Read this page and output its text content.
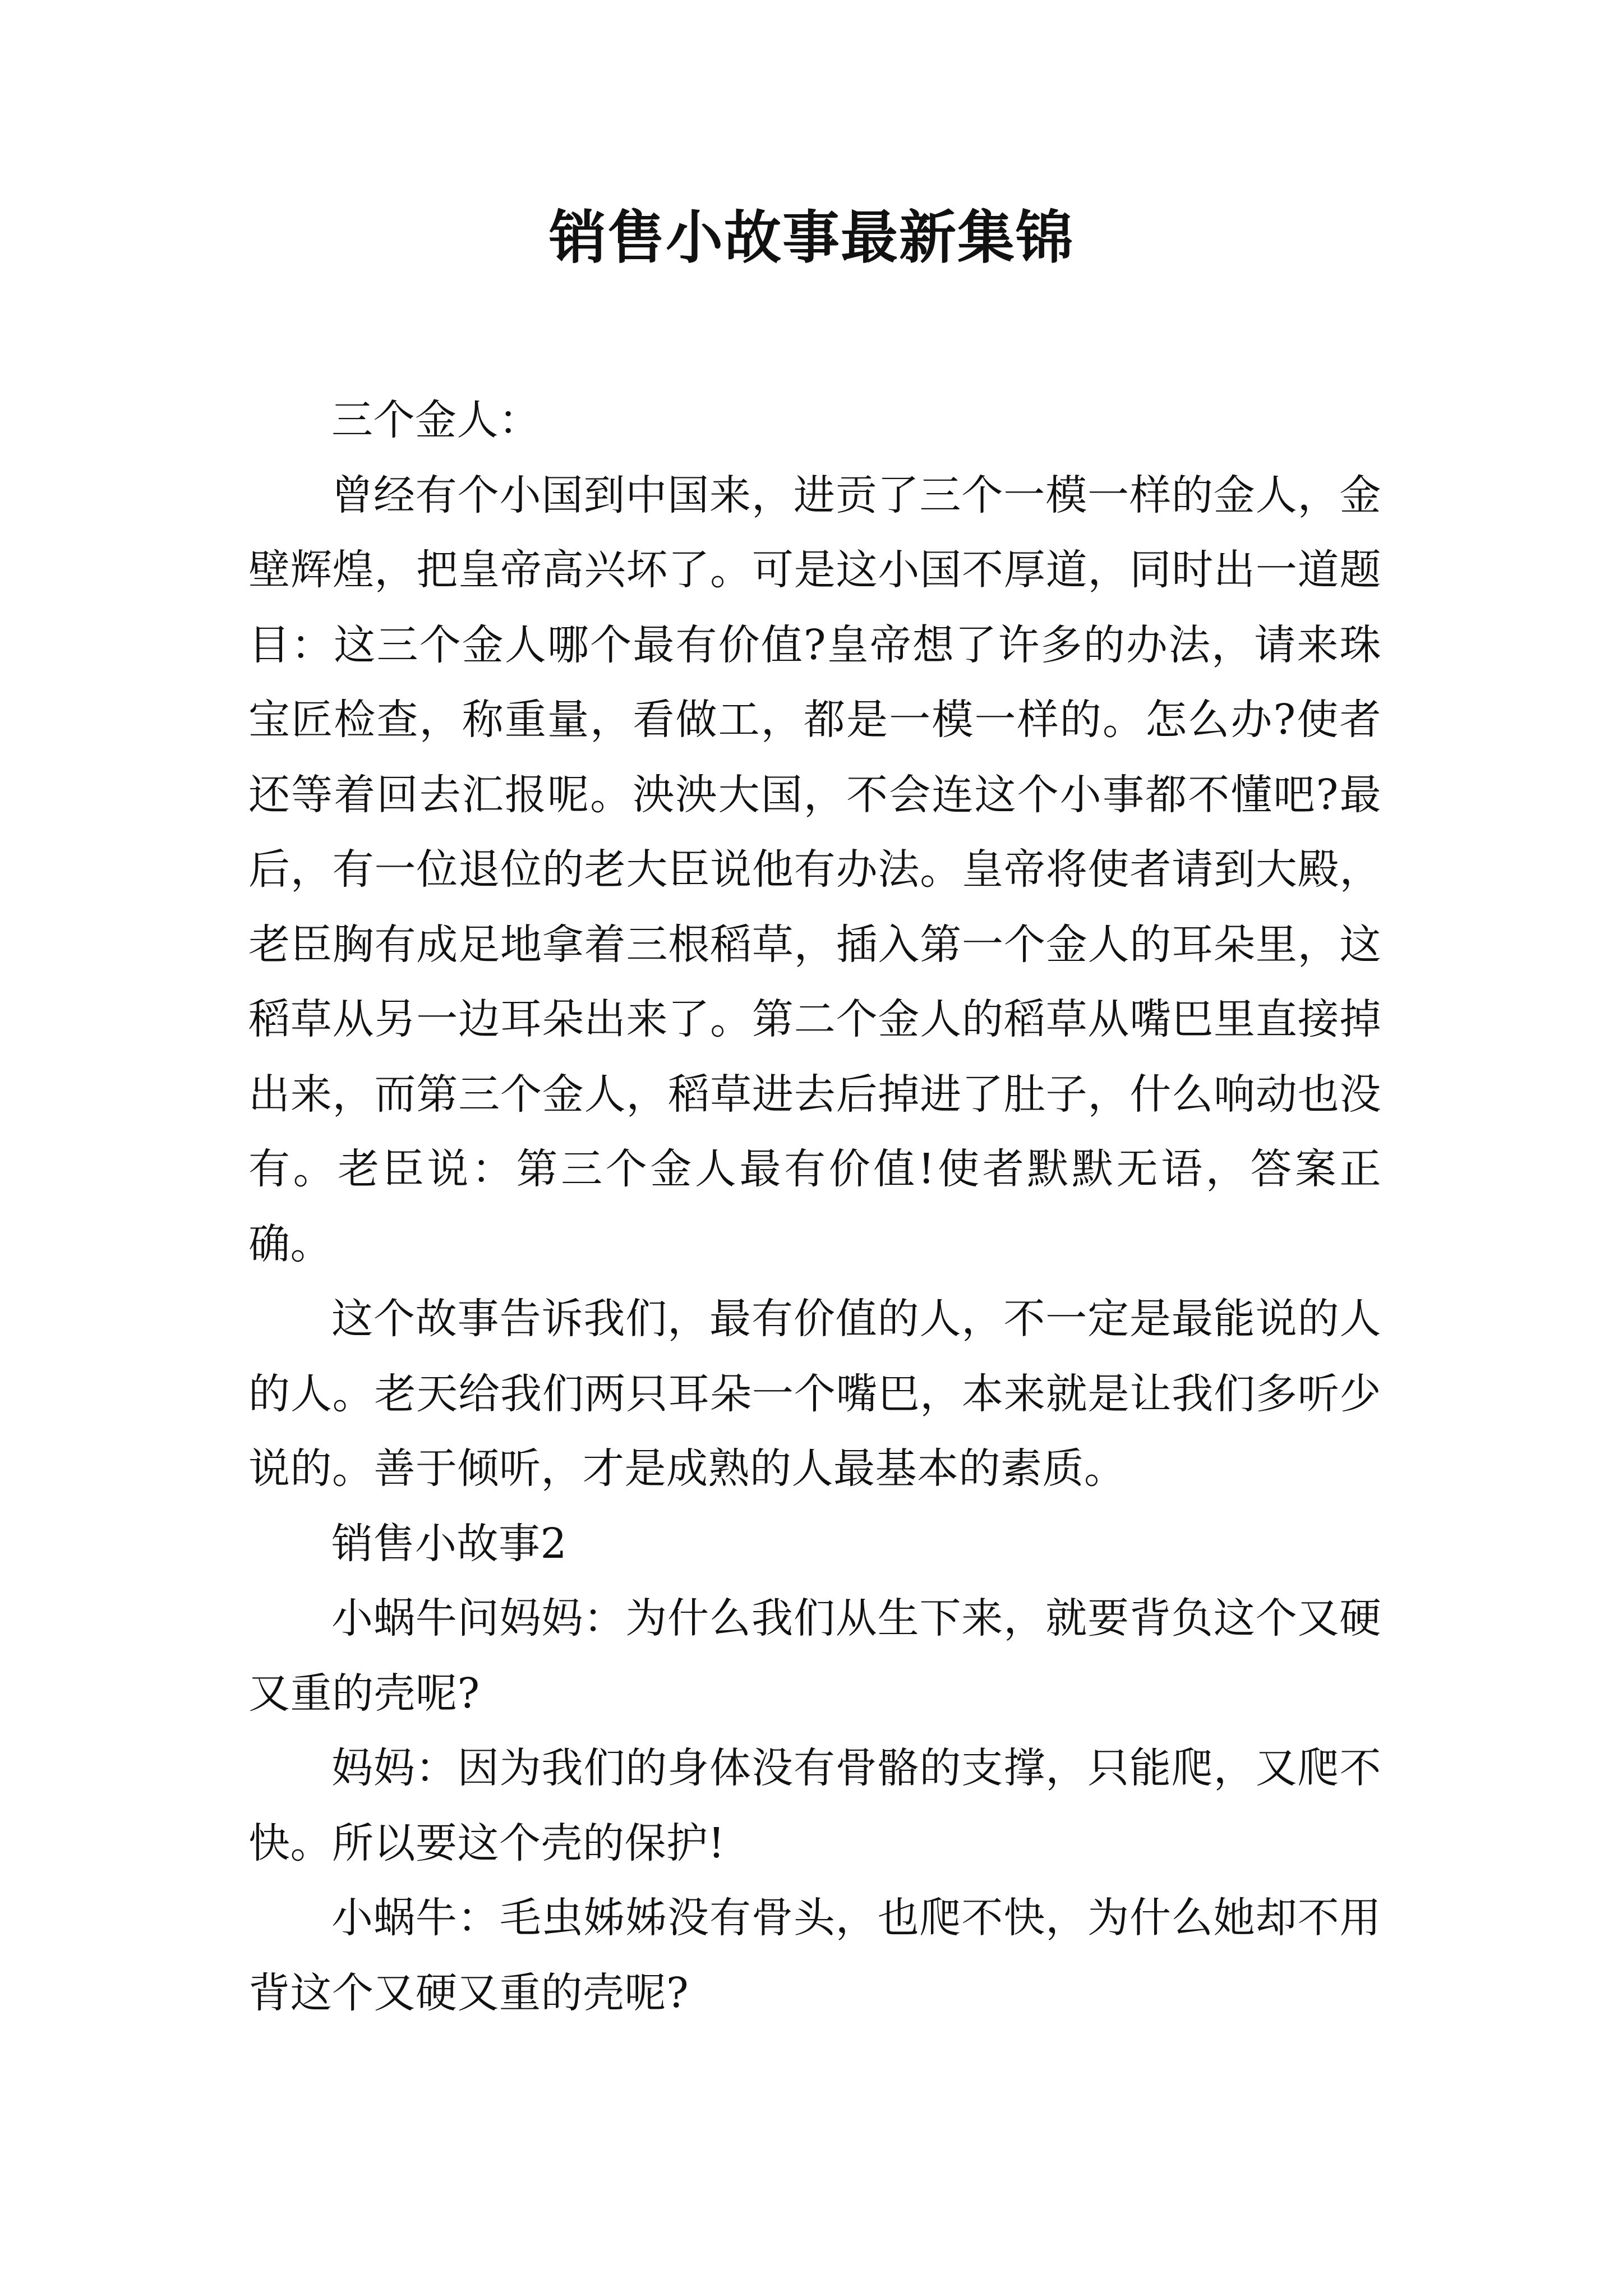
销售小故事最新集锦

三个金人：

曾经有个小国到中国来，进贡了三个一模一样的金人，金壁辉煌，把皇帝高兴坏了。可是这小国不厚道，同时出一道题目：这三个金人哪个最有价值?皇帝想了许多的办法，请来珠宝匠检查，称重量，看做工，都是一模一样的。怎么办?使者还等着回去汇报呢。泱泱大国，不会连这个小事都不懂吧?最后，有一位退位的老大臣说他有办法。皇帝将使者请到大殿，老臣胸有成足地拿着三根稻草，插入第一个金人的耳朵里，这稻草从另一边耳朵出来了。第二个金人的稻草从嘴巴里直接掉出来，而第三个金人，稻草进去后掉进了肚子，什么响动也没有。老臣说：第三个金人最有价值!使者默默无语，答案正确。

这个故事告诉我们，最有价值的人，不一定是最能说的人的人。老天给我们两只耳朵一个嘴巴，本来就是让我们多听少说的。善于倾听，才是成熟的人最基本的素质。

销售小故事2

小蜗牛问妈妈：为什么我们从生下来，就要背负这个又硬又重的壳呢?

妈妈：因为我们的身体没有骨骼的支撑，只能爬，又爬不快。所以要这个壳的保护!

小蜗牛：毛虫姊姊没有骨头，也爬不快，为什么她却不用背这个又硬又重的壳呢?
